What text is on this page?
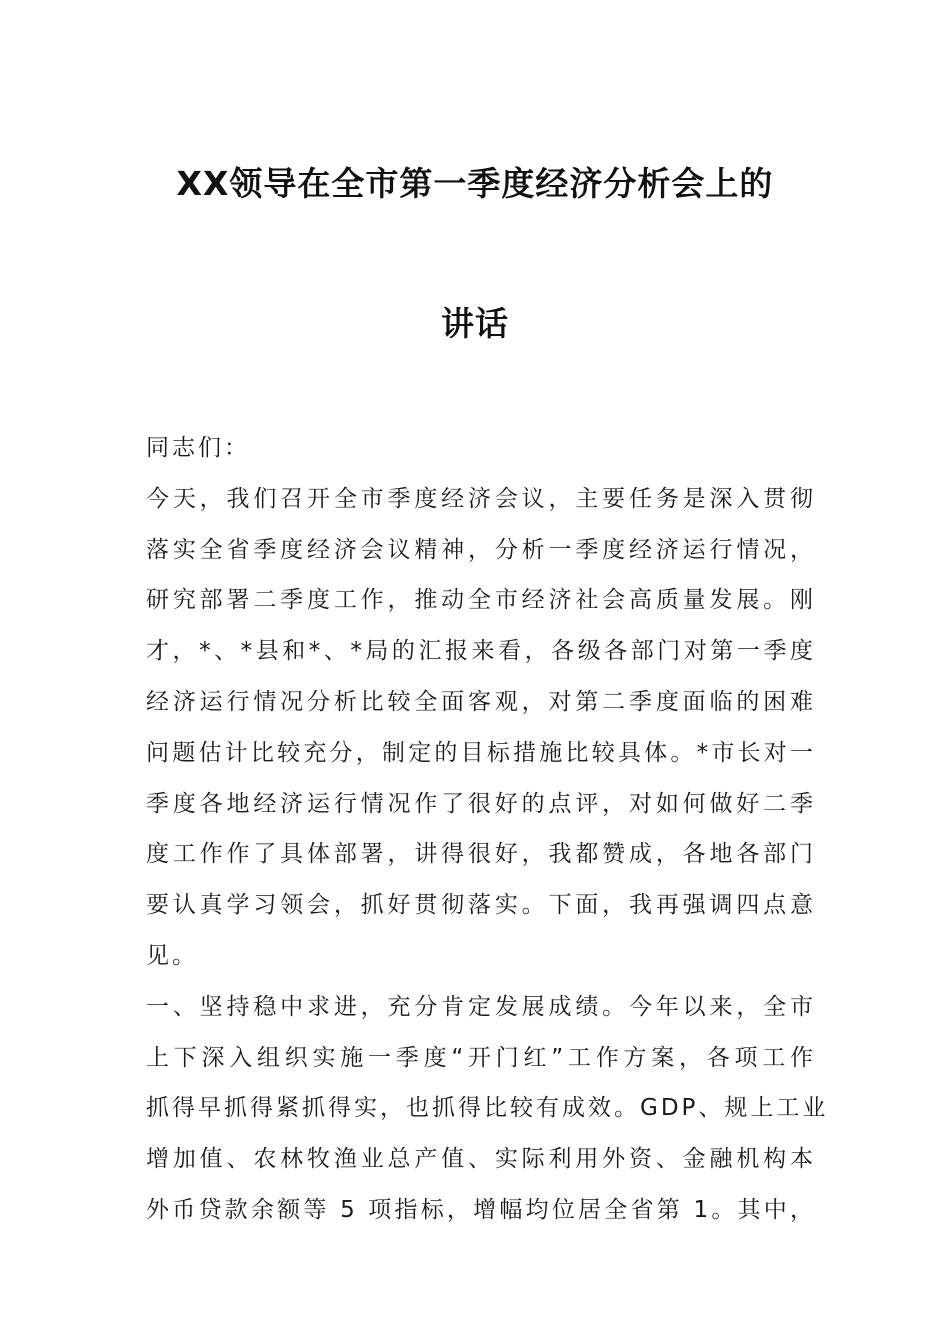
XX领导在全市第一季度经济分析会上的
讲话

同志们：

今天，我们召开全市季度经济会议，主要任务是深入贯彻

落实全省季度经济会议精神，分析一季度经济运行情况，

研究部署二季度工作，推动全市经济社会高质量发展。刚

才，*、*县和*、*局的汇报来看，各级各部门对第一季度

经济运行情况分析比较全面客观，对第二季度面临的困难

问题估计比较充分，制定的目标措施比较具体。*市长对一

季度各地经济运行情况作了很好的点评，对如何做好二季

度工作作了具体部署，讲得很好，我都赞成，各地各部门

要认真学习领会，抓好贯彻落实。下面，我再强调四点意

见。

一、坚持稳中求进，充分肯定发展成绩。今年以来，全市

上下深入组织实施一季度“开门红”工作方案，各项工作

抓得早抓得紧抓得实，也抓得比较有成效。GDP、规上工业

增加值、农林牧渔业总产值、实际利用外资、金融机构本

外币贷款余额等 5 项指标，增幅均位居全省第 1。其中，
